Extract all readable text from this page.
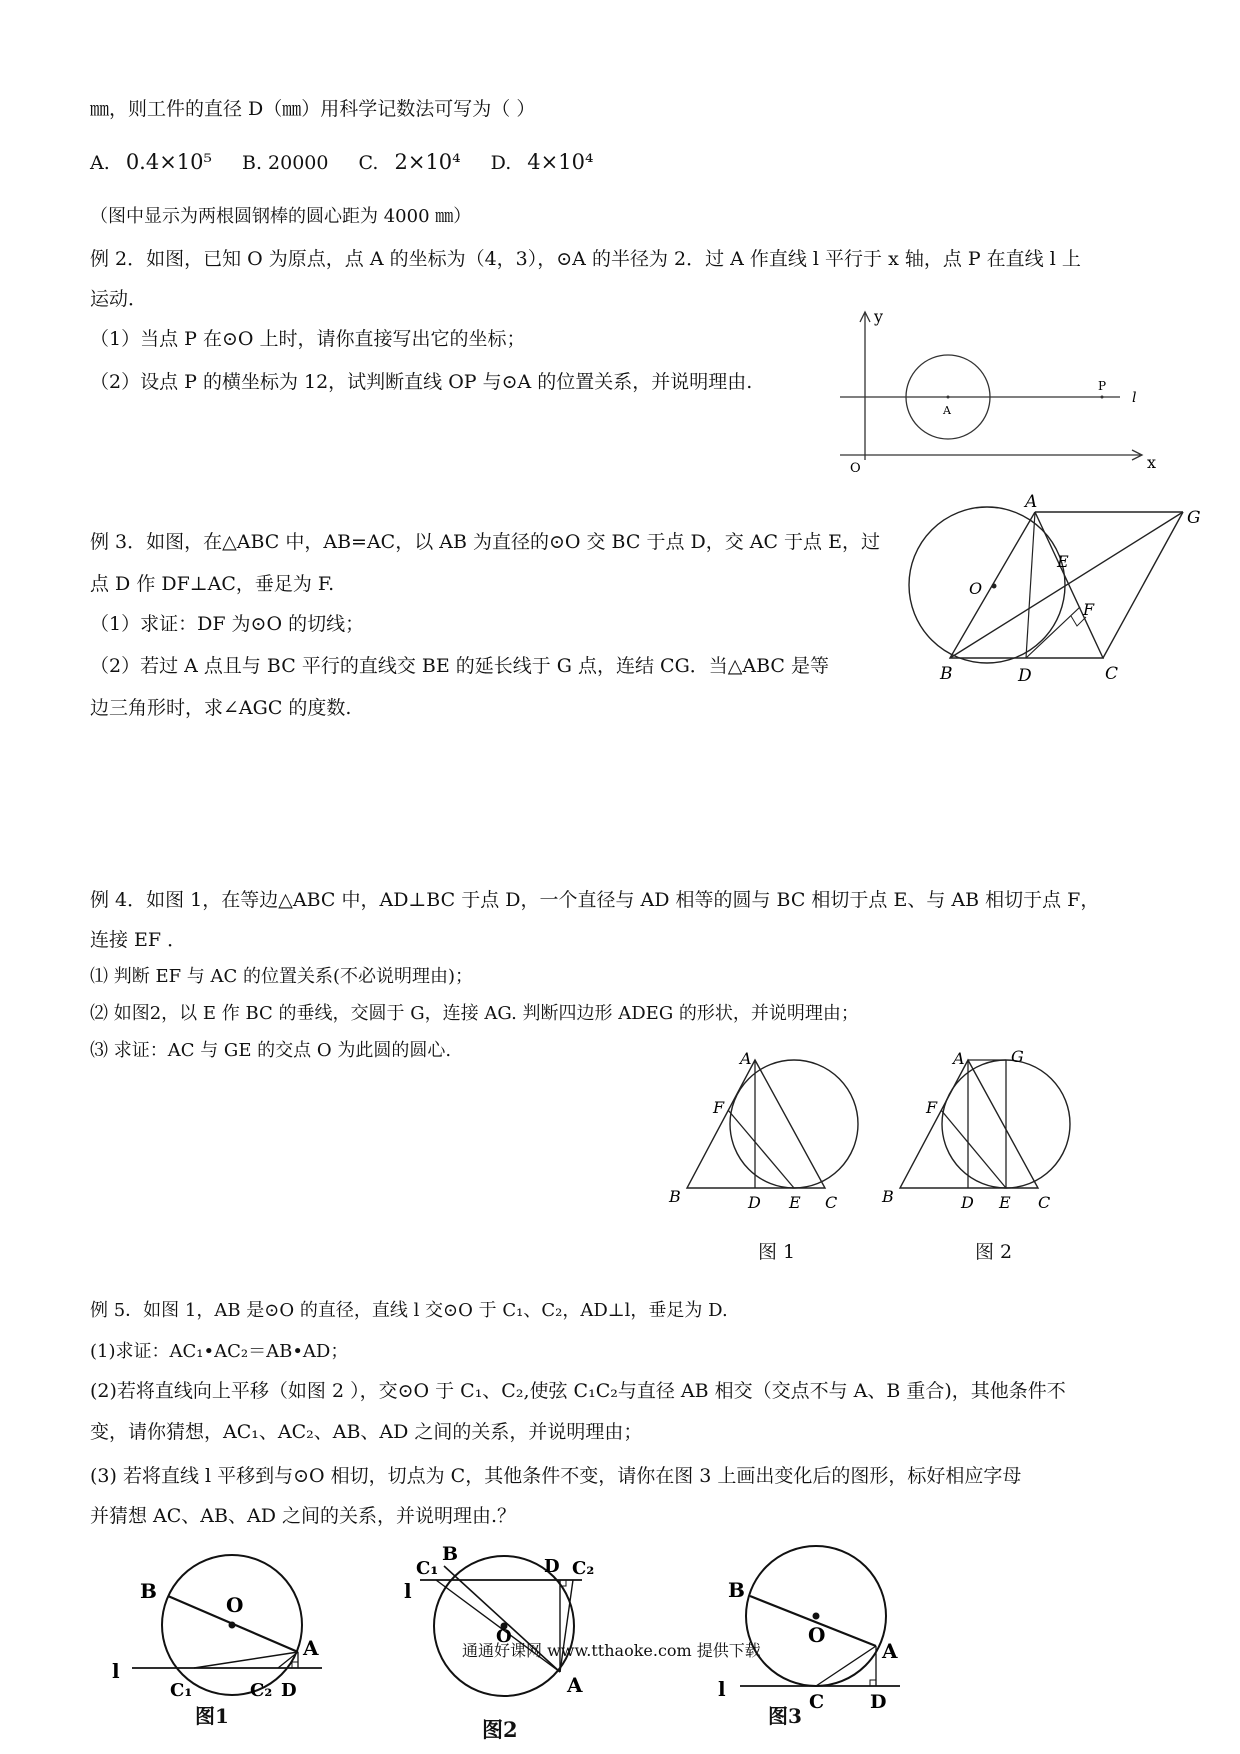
㎜，则工件的直径 D（㎜）用科学记数法可写为（ ）
A. 0.4×10⁵ B. 20000 C. 2×10⁴ D. 4×10⁴
（图中显示为两根圆钢棒的圆心距为 4000 ㎜）
例 2．如图，已知 O 为原点，点 A 的坐标为（4，3），⊙A 的半径为 2．过 A 作直线 l 平行于 x 轴，点 P 在直线 l 上
运动．
（1）当点 P 在⊙O 上时，请你直接写出它的坐标；
（2）设点 P 的横坐标为 12，试判断直线 OP 与⊙A 的位置关系，并说明理由.
y
x
O
A
P
l
例 3．如图，在△ABC 中，AB=AC，以 AB 为直径的⊙O 交 BC 于点 D，交 AC 于点 E，过
点 D 作 DF⊥AC，垂足为 F.
（1）求证：DF 为⊙O 的切线；
（2）若过 A 点且与 BC 平行的直线交 BE 的延长线于 G 点，连结 CG．当△ABC 是等
边三角形时，求∠AGC 的度数.
A
G
E
F
O
B	D	C
例 4．如图 1，在等边△ABC 中，AD⊥BC 于点 D，一个直径与 AD 相等的圆与 BC 相切于点 E、与 AB 相切于点 F，
连接 EF ．
⑴ 判断 EF 与 AC 的位置关系(不必说明理由)；
⑵ 如图2，以 E 作 BC 的垂线，交圆于 G，连接 AG. 判断四边形 ADEG 的形状，并说明理由；
⑶ 求证：AC 与 GE 的交点 O 为此圆的圆心.	A
F
B	D E C
图 1
A	G
F
B	D E C
图 2
例 5．如图 1，AB 是⊙O 的直径，直线 l 交⊙O 于 C₁、C₂，AD⊥l，垂足为 D.
(1)求证：AC₁•AC₂＝AB•AD；
(2)若将直线向上平移（如图 2 ），交⊙O 于 C₁、C₂,使弦 C₁C₂与直径 AB 相交（交点不与 A、B 重合)，其他条件不
变，请你猜想，AC₁、AC₂、AB、AD 之间的关系，并说明理由；
(3) 若将直线 l 平移到与⊙O 相切，切点为 C，其他条件不变，请你在图 3 上画出变化后的图形，标好相应字母
并猜想 AC、AB、AD 之间的关系，并说明理由.？
B
O
A
l
C₁	C₂ D
图1
B
C₁
l
D C₂
O
A
图2
B
O
A
l
C D
图3
通通好课网 www.tthaoke.com 提供下载
